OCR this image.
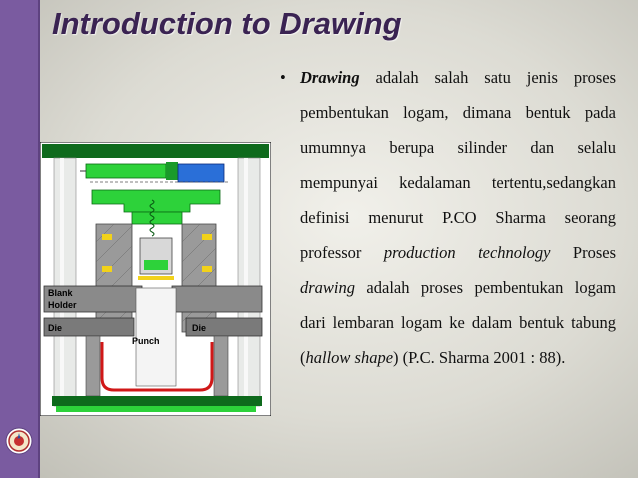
Introduction to Drawing
Blank
Holder
Die	Die
Punch
• Drawing adalah salah satu jenis proses pembentukan logam, dimana bentuk pada umumnya berupa silinder dan selalu mempunyai kedalaman tertentu,sedangkan definisi menurut P.CO Sharma seorang professor production technology Proses drawing adalah proses pembentukan logam dari lembaran logam ke dalam bentuk tabung (hallow shape) (P.C. Sharma 2001 : 88).
